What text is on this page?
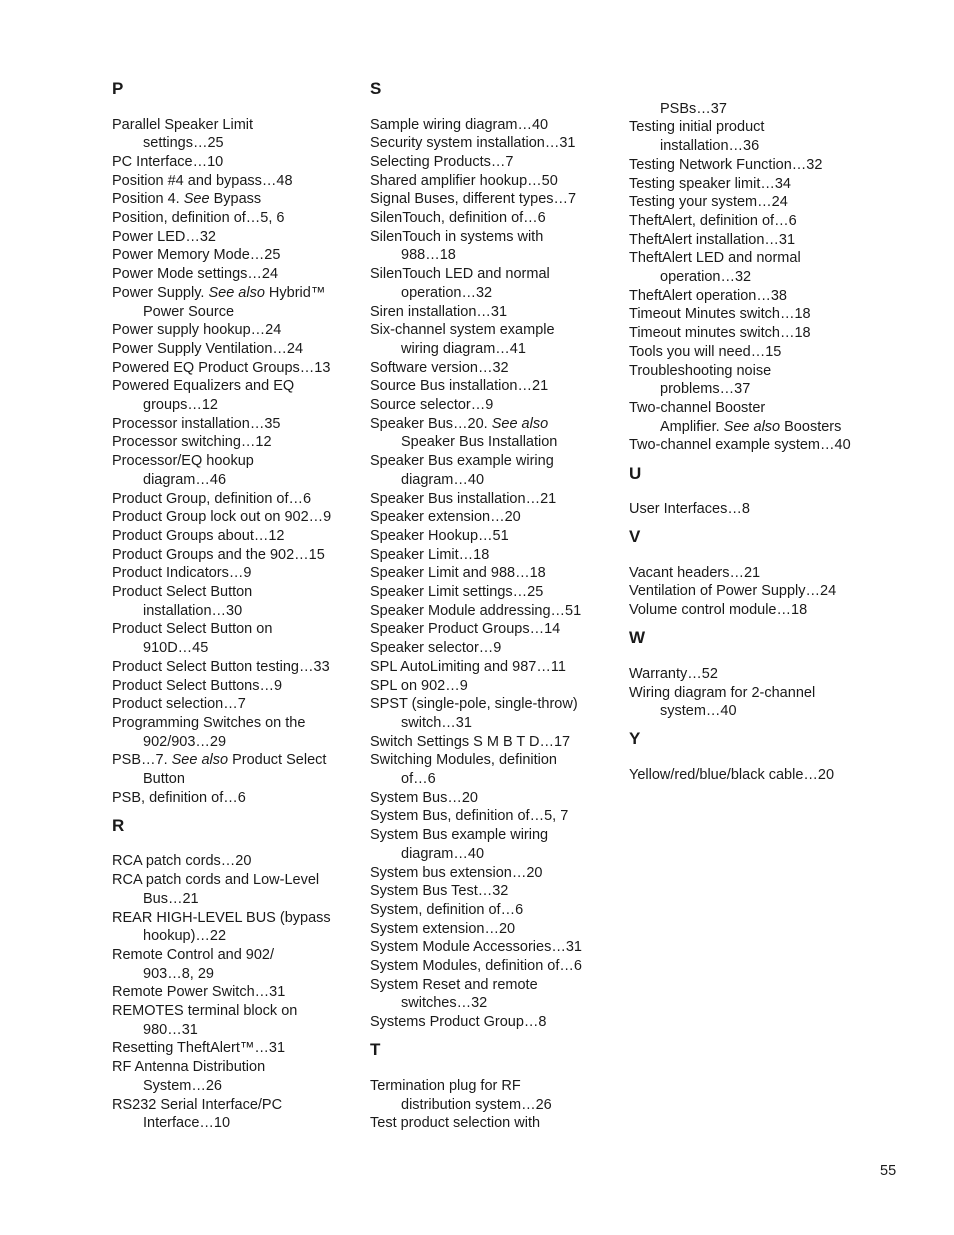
P
Parallel Speaker Limit
settings…25
PC Interface…10
Position #4 and bypass…48
Position 4. See Bypass
Position, definition of…5, 6
Power LED…32
Power Memory Mode…25
Power Mode settings…24
Power Supply. See also Hybrid™
Power Source
Power supply hookup…24
Power Supply Ventilation…24
Powered EQ Product Groups…13
Powered Equalizers and EQ
groups…12
Processor installation…35
Processor switching…12
Processor/EQ hookup
diagram…46
Product Group, definition of…6
Product Group lock out on 902…9
Product Groups about…12
Product Groups and the 902…15
Product Indicators…9
Product Select Button
installation…30
Product Select Button on
910D…45
Product Select Button testing…33
Product Select Buttons…9
Product selection…7
Programming Switches on the
902/903…29
PSB…7. See also Product Select
Button
PSB, definition of…6
R
RCA patch cords…20
RCA patch cords and Low-Level
Bus…21
REAR HIGH-LEVEL BUS (bypass
hookup)…22
Remote Control and 902/
903…8, 29
Remote Power Switch…31
REMOTES terminal block on
980…31
Resetting TheftAlert™…31
RF Antenna Distribution
System…26
RS232 Serial Interface/PC
Interface…10
S
Sample wiring diagram…40
Security system installation…31
Selecting Products…7
Shared amplifier hookup…50
Signal Buses, different types…7
SilenTouch, definition of…6
SilenTouch in systems with
988…18
SilenTouch LED and normal
operation…32
Siren installation…31
Six-channel system example
wiring diagram…41
Software version…32
Source Bus installation…21
Source selector…9
Speaker Bus…20. See also
Speaker Bus Installation
Speaker Bus example wiring
diagram…40
Speaker Bus installation…21
Speaker extension…20
Speaker Hookup…51
Speaker Limit…18
Speaker Limit and 988…18
Speaker Limit settings…25
Speaker Module addressing…51
Speaker Product Groups…14
Speaker selector…9
SPL AutoLimiting and 987…11
SPL on 902…9
SPST (single-pole, single-throw)
switch…31
Switch Settings S M B T D…17
Switching Modules, definition
of…6
System Bus…20
System Bus, definition of…5, 7
System Bus example wiring
diagram…40
System bus extension…20
System Bus Test…32
System, definition of…6
System extension…20
System Module Accessories…31
System Modules, definition of…6
System Reset and remote
switches…32
Systems Product Group…8
T
Termination plug for RF
distribution system…26
Test product selection with
PSBs…37
Testing initial product
installation…36
Testing Network Function…32
Testing speaker limit…34
Testing your system…24
TheftAlert, definition of…6
TheftAlert installation…31
TheftAlert LED and normal
operation…32
TheftAlert operation…38
Timeout Minutes switch…18
Timeout minutes switch…18
Tools you will need…15
Troubleshooting noise
problems…37
Two-channel Booster
Amplifier. See also Boosters
Two-channel example system…40
U
User Interfaces…8
V
Vacant headers…21
Ventilation of Power Supply…24
Volume control module…18
W
Warranty…52
Wiring diagram for 2-channel
system…40
Y
Yellow/red/blue/black cable…20
55
